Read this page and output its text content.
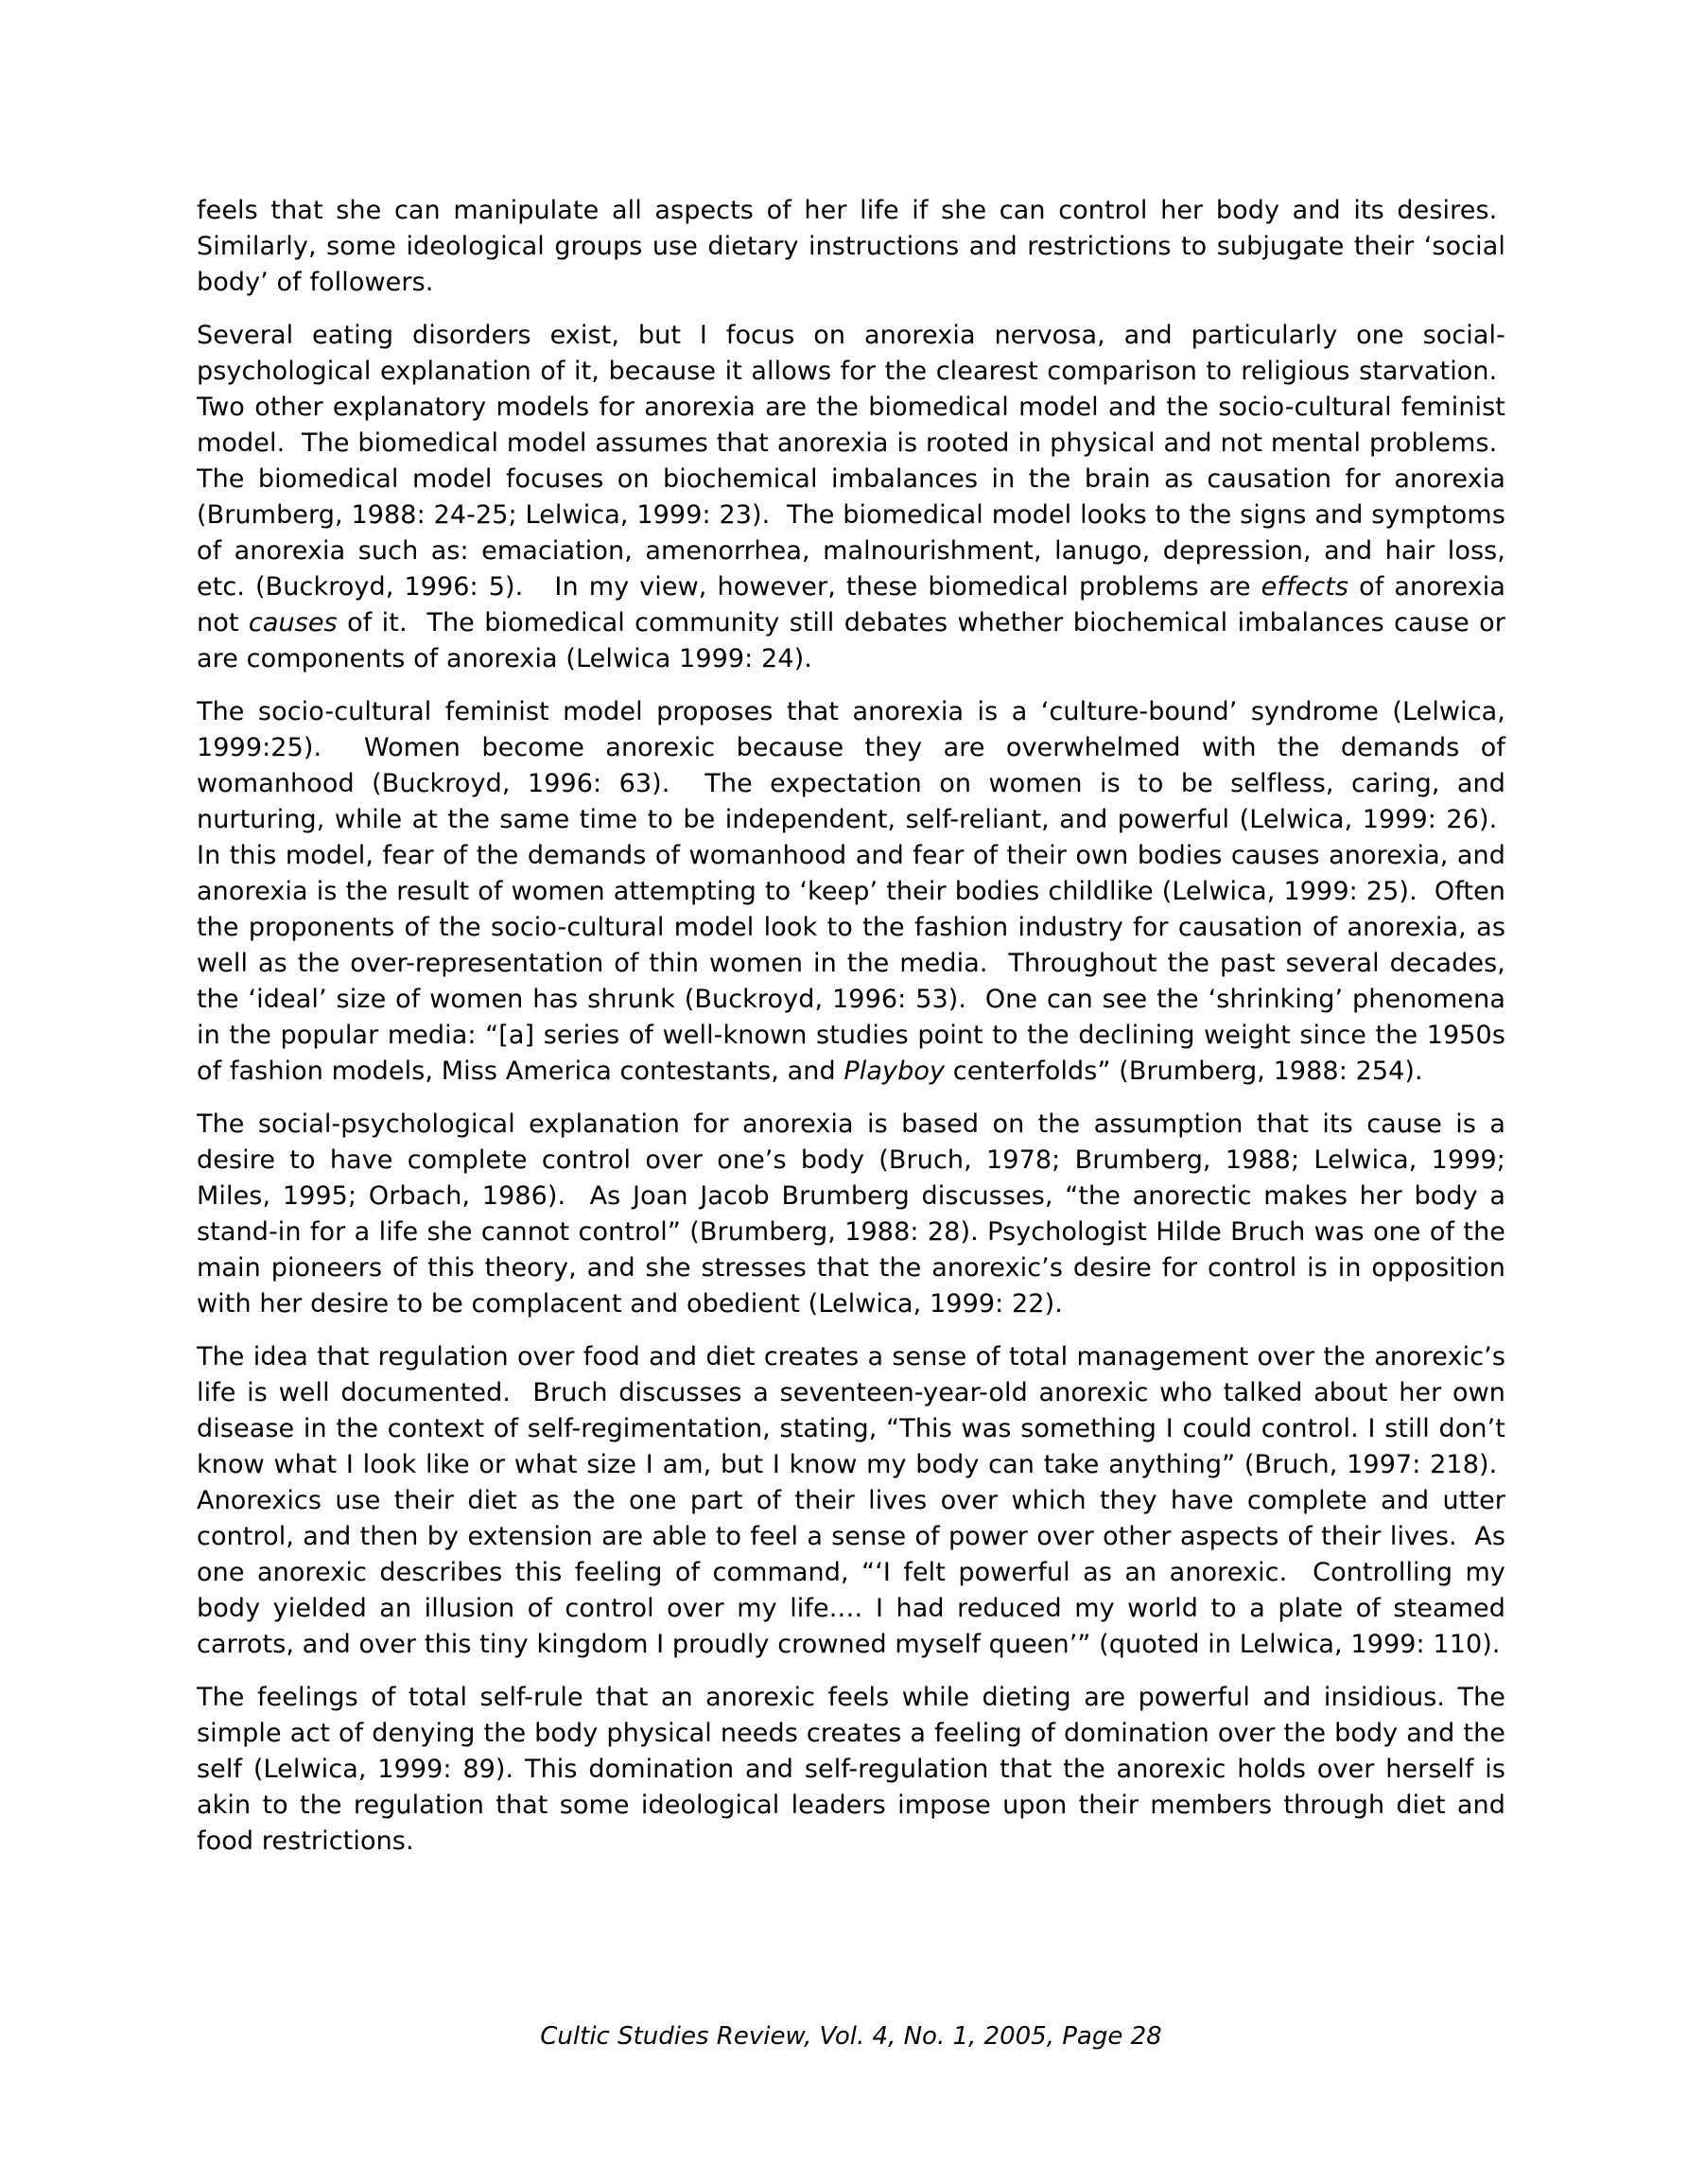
feels that she can manipulate all aspects of her life if she can control her body and its desires.  Similarly, some ideological groups use dietary instructions and restrictions to subjugate their ‘social body’ of followers.

Several eating disorders exist, but I focus on anorexia nervosa, and particularly one social-psychological explanation of it, because it allows for the clearest comparison to religious starvation.  Two other explanatory models for anorexia are the biomedical model and the socio-cultural feminist model.  The biomedical model assumes that anorexia is rooted in physical and not mental problems.  The biomedical model focuses on biochemical imbalances in the brain as causation for anorexia (Brumberg, 1988: 24-25; Lelwica, 1999: 23).  The biomedical model looks to the signs and symptoms of anorexia such as: emaciation, amenorrhea, malnourishment, lanugo, depression, and hair loss, etc. (Buckroyd, 1996: 5).   In my view, however, these biomedical problems are effects of anorexia not causes of it.  The biomedical community still debates whether biochemical imbalances cause or are components of anorexia (Lelwica 1999: 24).

The socio-cultural feminist model proposes that anorexia is a ‘culture-bound’ syndrome (Lelwica, 1999:25).  Women become anorexic because they are overwhelmed with the demands of womanhood (Buckroyd, 1996: 63).  The expectation on women is to be selfless, caring, and nurturing, while at the same time to be independent, self-reliant, and powerful (Lelwica, 1999: 26).  In this model, fear of the demands of womanhood and fear of their own bodies causes anorexia, and anorexia is the result of women attempting to ‘keep’ their bodies childlike (Lelwica, 1999: 25).  Often the proponents of the socio-cultural model look to the fashion industry for causation of anorexia, as well as the over-representation of thin women in the media.  Throughout the past several decades, the ‘ideal’ size of women has shrunk (Buckroyd, 1996: 53).  One can see the ‘shrinking’ phenomena in the popular media: “[a] series of well-known studies point to the declining weight since the 1950s of fashion models, Miss America contestants, and Playboy centerfolds” (Brumberg, 1988: 254).

The social-psychological explanation for anorexia is based on the assumption that its cause is a desire to have complete control over one’s body (Bruch, 1978; Brumberg, 1988; Lelwica, 1999; Miles, 1995; Orbach, 1986).  As Joan Jacob Brumberg discusses, “the anorectic makes her body a stand-in for a life she cannot control” (Brumberg, 1988: 28). Psychologist Hilde Bruch was one of the main pioneers of this theory, and she stresses that the anorexic’s desire for control is in opposition with her desire to be complacent and obedient (Lelwica, 1999: 22).

The idea that regulation over food and diet creates a sense of total management over the anorexic’s life is well documented.  Bruch discusses a seventeen-year-old anorexic who talked about her own disease in the context of self-regimentation, stating, “This was something I could control. I still don’t know what I look like or what size I am, but I know my body can take anything” (Bruch, 1997: 218).  Anorexics use their diet as the one part of their lives over which they have complete and utter control, and then by extension are able to feel a sense of power over other aspects of their lives.  As one anorexic describes this feeling of command, “‘I felt powerful as an anorexic.  Controlling my body yielded an illusion of control over my life.… I had reduced my world to a plate of steamed carrots, and over this tiny kingdom I proudly crowned myself queen’” (quoted in Lelwica, 1999: 110).

The feelings of total self-rule that an anorexic feels while dieting are powerful and insidious. The simple act of denying the body physical needs creates a feeling of domination over the body and the self (Lelwica, 1999: 89). This domination and self-regulation that the anorexic holds over herself is akin to the regulation that some ideological leaders impose upon their members through diet and food restrictions.

Cultic Studies Review, Vol. 4, No. 1, 2005, Page 28
